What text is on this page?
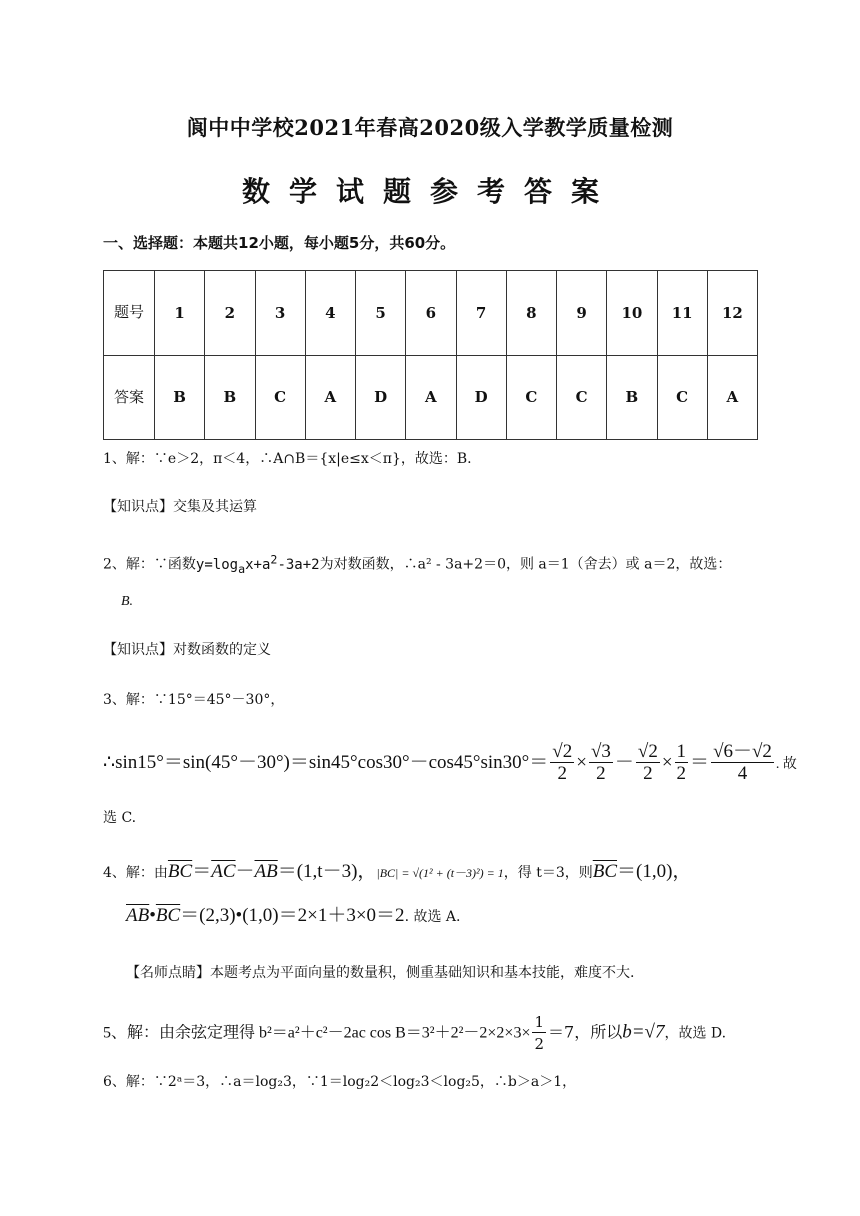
阆中中学校2021年春高2020级入学教学质量检测
数学试题参考答案
一、选择题：本题共12小题，每小题5分，共60分。
题号	1	2	3	4	5	6	7	8	9	10	11	12
答案	B	B	C	A	D	A	D	C	C	B	C	A
1、解：∵e＞2，π＜4，∴A∩B＝{x|e≤x＜π}，故选：B.
【知识点】交集及其运算
2、解：∵函数$y=\log_ax+a^2-3a+2$为对数函数，∴a² - 3a+2＝0，则 a＝1（舍去）或 a＝2，故选：
B.
【知识点】对数函数的定义
3、解：∵15°＝45°－30°，
∴sin15°＝sin(45°－30°)＝sin45°cos30°－cos45°sin30°＝ $\frac{√2}{2} \times \frac{√3}{2} - \frac{√2}{2} \times \frac{1}{2} = \frac{√6-√2}{4}$ . 故
选 C.
4、解：由$\overline{BC}=\overline{AC}-\overline{AB}=(1,t-3)$，|BC| = √(1² + (t－3)²) = 1，得 t＝3，则$\overline{BC}=(1,0)$，
$\overline{AB}•\overline{BC}=(2,3)•(1,0)=2\times 1+3\times 0=2$. 故选 A.
【名师点睛】本题考点为平面向量的数量积，侧重基础知识和基本技能，难度不大.
5、解：由余弦定理得 b²＝a²＋c²－2ac $\cos B=3^2+2^2-2\times 2\times 3\times \frac{1}{2} =7$，所以b=√7，故选 D.
6、解：∵2ᵃ＝3，∴a＝log₂3，∵1＝log₂2＜log₂3＜log₂5，∴b＞a＞1，
